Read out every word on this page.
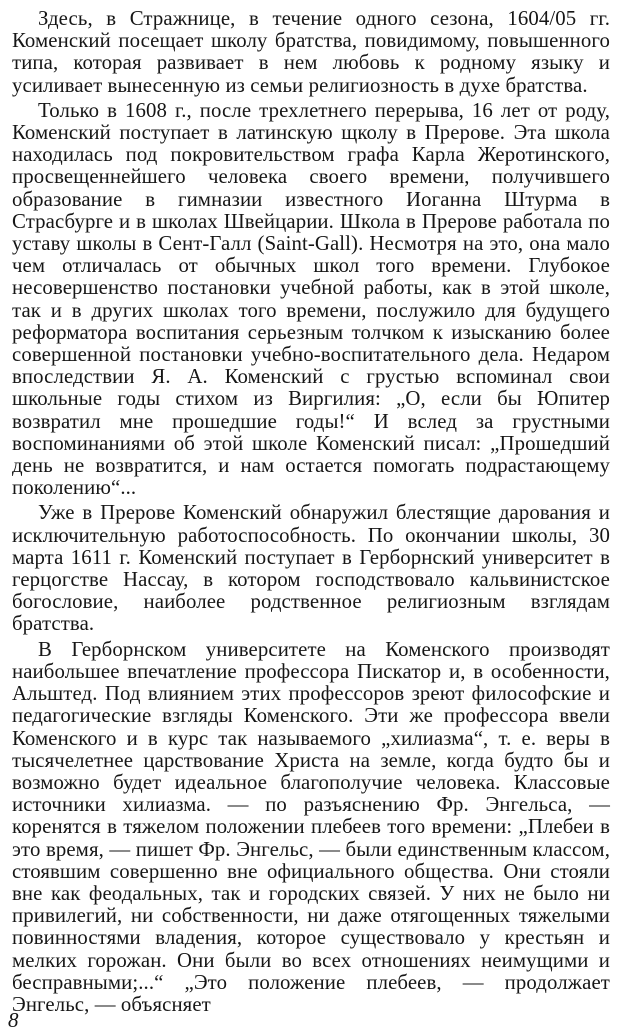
Здесь, в Стражнице, в течение одного сезона, 1604/05 гг. Коменский посещает школу братства, повидимому, повышенного типа, которая развивает в нем любовь к родному языку и усиливает вынесенную из семьи религиозность в духе братства.

Только в 1608 г., после трехлетнего перерыва, 16 лет от роду, Коменский поступает в латинскую щколу в Прерове. Эта школа находилась под покровительством графа Карла Жеротинского, просвещеннейшего человека своего времени, получившего образование в гимназии известного Иоганна Штурма в Страсбурге и в школах Швейцарии. Школа в Прерове работала по уставу школы в Сент-Галл (Saint-Gall). Несмотря на это, она мало чем отличалась от обычных школ того времени. Глубокое несовершенство постановки учебной работы, как в этой школе, так и в других школах того времени, послужило для будущего реформатора воспитания серьезным толчком к изысканию более совершенной постановки учебно-воспитательного дела. Недаром впоследствии Я. А. Коменский с грустью вспоминал свои школьные годы стихом из Виргилия: „О, если бы Юпитер возвратил мне прошедшие годы!“ И вслед за грустными воспоминаниями об этой школе Коменский писал: „Прошедший день не возвратится, и нам остается помогать подрастающему поколению“...

Уже в Прерове Коменский обнаружил блестящие дарования и исключительную работоспособность. По окончании школы, 30 марта 1611 г. Коменский поступает в Герборнский университет в герцогстве Нассау, в котором господствовало кальвинистское богословие, наиболее родственное религиозным взглядам братства.

В Герборнском университете на Коменского производят наибольшее впечатление профессора Пискатор и, в особенности, Альштед. Под влиянием этих профессоров зреют философские и педагогические взгляды Коменского. Эти же профессора ввели Коменского и в курс так называемого „хилиазма“, т. е. веры в тысячелетнее царствование Христа на земле, когда будто бы и возможно будет идеальное благополучие человека. Классовые источники хилиазма. — по разъяснению Фр. Энгельса, — коренятся в тяжелом положении плебеев того времени: „Плебеи в это время, — пишет Фр. Энгельс, — были единственным классом, стоявшим совершенно вне официального общества. Они стояли вне как феодальных, так и городских связей. У них не было ни привилегий, ни собственности, ни даже отягощенных тяжелыми повинностями владения, которое существовало у крестьян и мелких горожан. Они были во всех отношениях неимущими и бесправными;...“ „Это положение плебеев, — продолжает Энгельс, — объясняет

8
